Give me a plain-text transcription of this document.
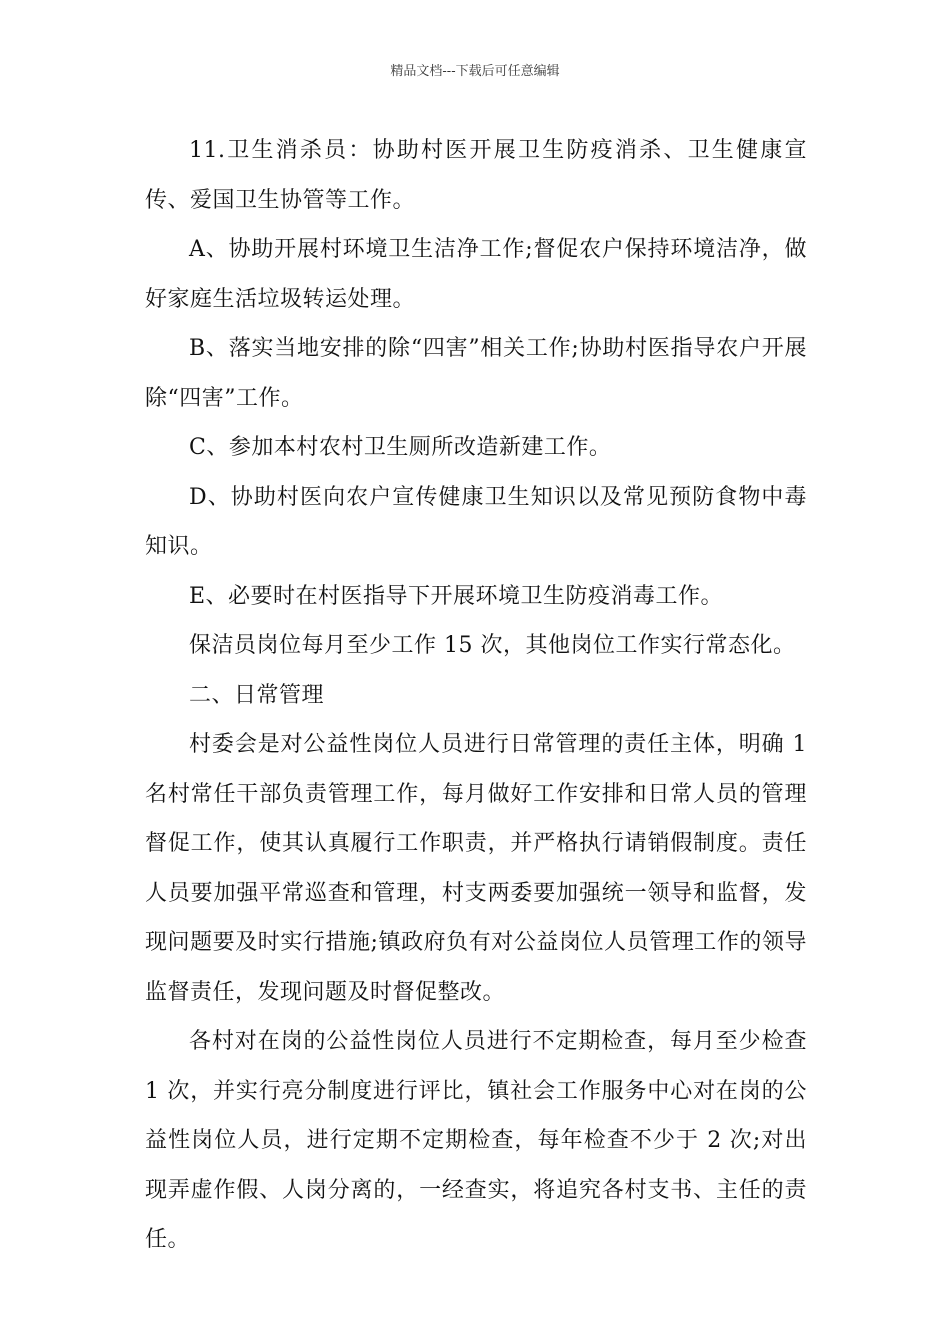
精品文档---下载后可任意编辑

11.卫生消杀员：协助村医开展卫生防疫消杀、卫生健康宣传、爱国卫生协管等工作。

A、协助开展村环境卫生洁净工作;督促农户保持环境洁净，做好家庭生活垃圾转运处理。

B、落实当地安排的除“四害”相关工作;协助村医指导农户开展除“四害”工作。

C、参加本村农村卫生厕所改造新建工作。

D、协助村医向农户宣传健康卫生知识以及常见预防食物中毒知识。

E、必要时在村医指导下开展环境卫生防疫消毒工作。

保洁员岗位每月至少工作 15 次，其他岗位工作实行常态化。

二、日常管理

村委会是对公益性岗位人员进行日常管理的责任主体，明确 1 名村常任干部负责管理工作，每月做好工作安排和日常人员的管理督促工作，使其认真履行工作职责，并严格执行请销假制度。责任人员要加强平常巡查和管理，村支两委要加强统一领导和监督，发现问题要及时实行措施;镇政府负有对公益岗位人员管理工作的领导监督责任，发现问题及时督促整改。

各村对在岗的公益性岗位人员进行不定期检查，每月至少检查 1 次，并实行亮分制度进行评比，镇社会工作服务中心对在岗的公益性岗位人员，进行定期不定期检查，每年检查不少于 2 次;对出现弄虚作假、人岗分离的，一经查实，将追究各村支书、主任的责任。
